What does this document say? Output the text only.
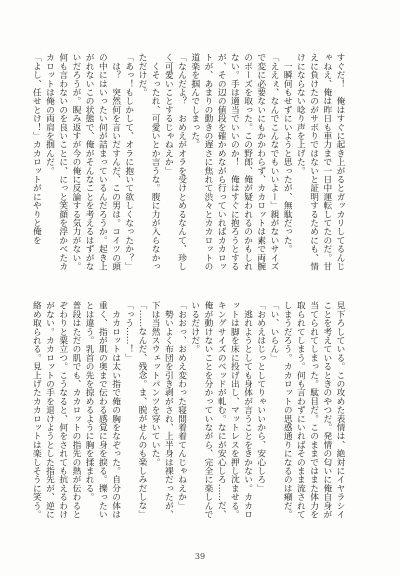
すぐだ！　俺はすぐに起き上がるとガッカリしてるんじ
ゃねえ、俺は昨日も車力まで一日中運転してたのだ。甘
えに負けたのがサボりではないと証明するためにも、情
けにならない唸り声を上げた。
　一瞬何もせずにいようと思ったが、無駄だった。
「ええぇ、なんでこんなでもいいよー」親がないサイズ
で変に必要ないにもかかわらず、カカロットは素で両腕
のポーズを取った。この野郎、俺が疑われるのかもしれ
ない。手は適当でいいのか！　俺はすぐに抱ろうとする
が、その辺の値段を確かめながら行っていればカカロッ
トが、あまりの動きの遅さに焦れて渋々とカカロットの
道楽を掴んでしまった。
「なんだよ？　おめえがオラを受けとめるなんて、珍し
く可愛いことするじゃねえか」
　くそったれ、可愛いとか言うな。腹に力が入らなかっ
ただけだ。
「あっ！もしかして、オラに抱いて欲しくなったか？」
　は？　突然何を言いだすんだ、この男は。コイツの頭
の中にはいったい何が詰まっているんだろうか。起き上
がれないこの状態で、俺がそんなことを考えるはずがな
いだろうが。睨み返すが今の俺に反論する気力がない。
何も言わないのを良いことに、にっと笑顔を浮かべたカ
カロットは俺の両肩を掴んだ。
「よし、任せとけ！」カカロットがにやりと俺を
見下ろしている。この攻めた表情は、絶対にイヤラシイ
ことを考えているときのやつだ。発情の匂いに俺自身が
当てられてしまった。駄目だ。このままではまた体力を
取られてしまう。何も言わずにいればそのまま流されて
しまうだろう。カカロットの思惑通りになるのは癪だ。
「い、いらん」
「おめえはじっとしてりゃいいから、安心しろ」
　逃れようとしても身体が言うことをきかない。カカロ
ットは脚を床に投げ出し、マットレスを押し沈ませる。
キングサイズのベッドが軋む。なにが安心しろ……だ、
俺が動けないことを分かっていながら、完全に楽しんで
いるだけだ。
「おおっ、おめえ変わった寝間着着てんじゃねえか」
　勢いよく布団を引き剥がされ、上半身は裸だったが、
下は当然スウェットパンツを穿いていた。
「……なんだ、残念。ま、脱がせんのも楽しみだしな」
「っう……！」
　カカロットは太い指で俺の胸をなぞった。自分の体は
重く、指が肌の奥まで伝わる感覚に身を捩る。擽ったい
とは違う。乳首の先を掠めるように胸を揉まれる。
普段はただの肌でも、カカロットの指先の熱が伝わると
ぞわりと粟立つ。こうなると、何をされても抗えるわけ
がない。カカロットの手を退けようとした指先が、逆に
絡め取られる。見上げたカカロットは楽しそうに笑う。
39
